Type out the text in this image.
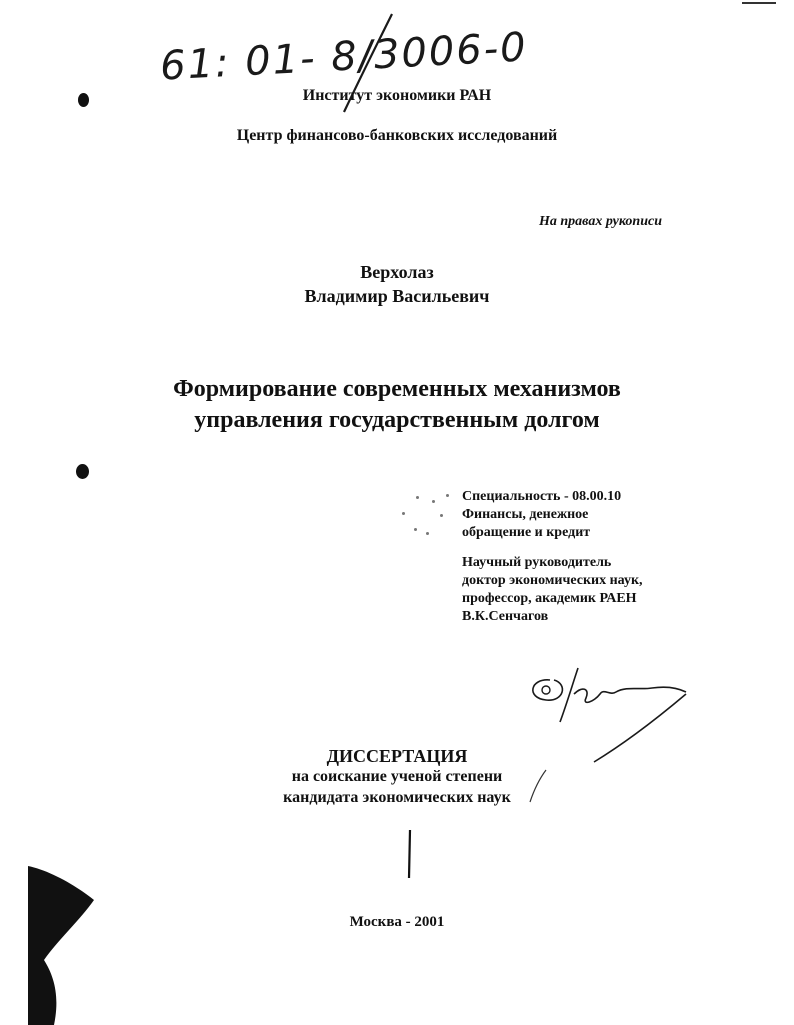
61: 01- 8/3006-0
Институт экономики РАН
Центр финансово-банковских исследований
На правах рукописи
Верхолаз
Владимир Васильевич
Формирование современных механизмов
управления государственным долгом
Специальность - 08.00.10
Финансы, денежное
обращение и кредит
Научный руководитель
доктор экономических наук,
профессор, академик РАЕН
В.К.Сенчагов
ДИССЕРТАЦИЯ
на соискание ученой степени
кандидата экономических наук
Москва - 2001
